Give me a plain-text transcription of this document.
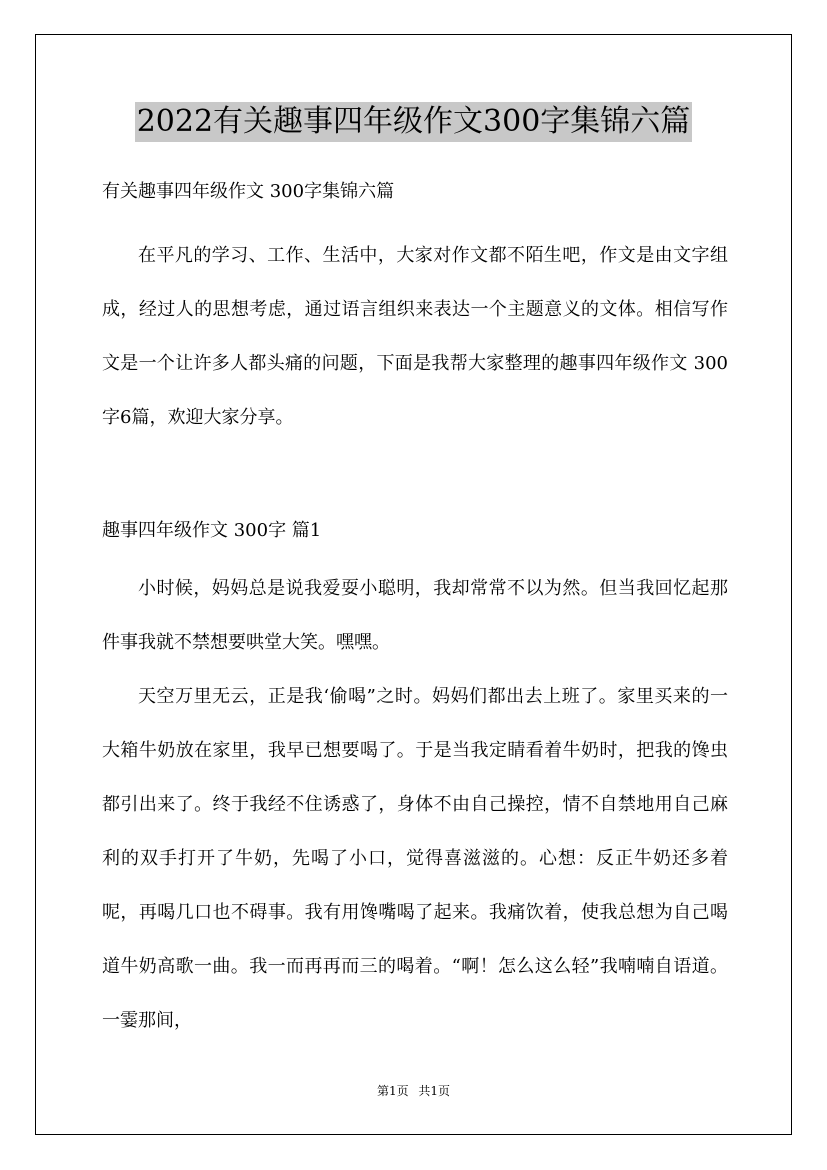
2022有关趣事四年级作文300字集锦六篇

有关趣事四年级作文 300字集锦六篇

在平凡的学习、工作、生活中，大家对作文都不陌生吧，作文是由文字组成，经过人的思想考虑，通过语言组织来表达一个主题意义的文体。相信写作文是一个让许多人都头痛的问题，下面是我帮大家整理的趣事四年级作文 300字6篇，欢迎大家分享。

趣事四年级作文 300字 篇1

小时候，妈妈总是说我爱耍小聪明，我却常常不以为然。但当我回忆起那件事我就不禁想要哄堂大笑。嘿嘿。

天空万里无云，正是我‘偷喝”之时。妈妈们都出去上班了。家里买来的一大箱牛奶放在家里，我早已想要喝了。于是当我定睛看着牛奶时，把我的馋虫都引出来了。终于我经不住诱惑了，身体不由自己操控，情不自禁地用自己麻利的双手打开了牛奶，先喝了小口，觉得喜滋滋的。心想：反正牛奶还多着呢，再喝几口也不碍事。我有用馋嘴喝了起来。我痛饮着，使我总想为自己喝道牛奶高歌一曲。我一而再再而三的喝着。“啊！怎么这么轻”我喃喃自语道。一霎那间，

第1页 共1页
